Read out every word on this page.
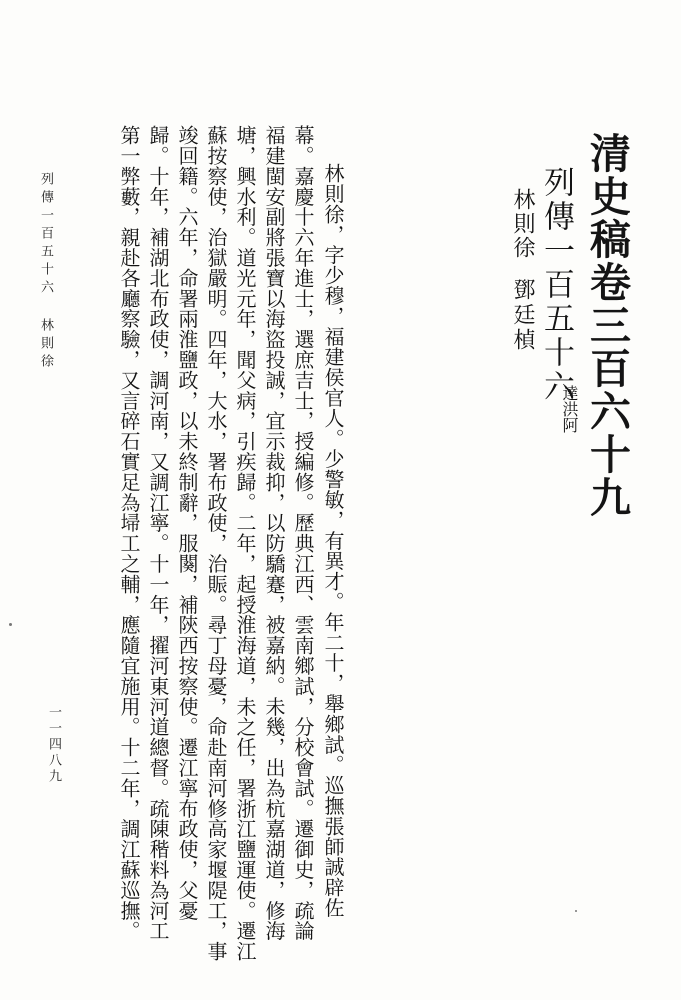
清史稿卷三百六十九
列傳一百五十六
林則徐
鄧廷楨
達洪阿
林則徐，字少穆，福建侯官人。少警敏，有異才。年二十，舉鄉試。巡撫張師誠辟佐
幕。嘉慶十六年進士，選庶吉士，授編修。歷典江西、雲南鄉試，分校會試。遷御史，疏論
福建閩安副將張寶以海盜投誠，宜示裁抑，以防驕蹇，被嘉納。未幾，出為杭嘉湖道，修海
塘，興水利。道光元年，聞父病，引疾歸。二年，起授淮海道，未之任，署浙江鹽運使。遷江
蘇按察使，治獄嚴明。四年，大水，署布政使，治賑。尋丁母憂，命赴南河修高家堰隄工，事
竣回籍。六年，命署兩淮鹽政，以未終制辭，服闋，補陝西按察使。遷江寧布政使，父憂
歸。十年，補湖北布政使，調河南，又調江寧。十一年，擢河東河道總督。疏陳稭料為河工
第一弊藪，親赴各廳察驗，又言碎石實足為埽工之輔，應隨宜施用。十二年，調江蘇巡撫。
列傳一百五十六 林則徐
一一四八九
